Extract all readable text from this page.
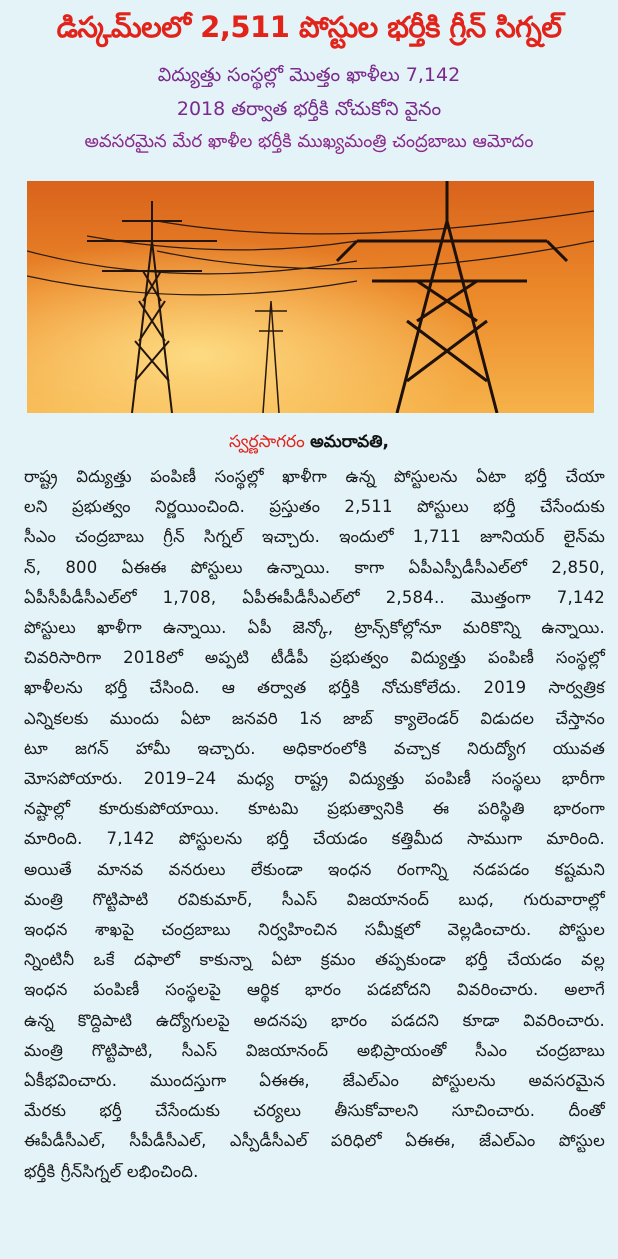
డిస్కమ్‌లలో 2,511 పోస్టుల భర్తీకి గ్రీన్ సిగ్నల్
విద్యుత్తు సంస్థల్లో మొత్తం ఖాళీలు 7,142
2018 తర్వాత భర్తీకి నోచుకోని వైనం
అవసరమైన మేర ఖాళీల భర్తీకి ముఖ్యమంత్రి చంద్రబాబు ఆమోదం
స్వర్ణసాగరం అమరావతి,
రాష్ట్ర విద్యుత్తు పంపిణీ సంస్థల్లో ఖాళీగా ఉన్న పోస్టులను ఏటా భర్తీ చేయా
లని ప్రభుత్వం నిర్ణయించింది. ప్రస్తుతం 2,511 పోస్టులు భర్తీ చేసేందుకు
సీఎం చంద్రబాబు గ్రీన్ సిగ్నల్ ఇచ్చారు. ఇందులో 1,711 జూనియర్ లైన్‌మ
న్, 800 ఏఈఈ పోస్టులు ఉన్నాయి. కాగా ఏపీఎస్పీడీసీఎల్‌లో 2,850,
ఏపీసీపీడీసీఎల్‌లో 1,708, ఏపీఈపీడీసీఎల్‌లో 2,584.. మొత్తంగా 7,142
పోస్టులు ఖాళీగా ఉన్నాయి. ఏపీ జెన్కో, ట్రాన్స్‌కోల్లోనూ మరికొన్ని ఉన్నాయి.
చివరిసారిగా 2018లో అప్పటి టీడీపీ ప్రభుత్వం విద్యుత్తు పంపిణీ సంస్థల్లో
ఖాళీలను భర్తీ చేసింది. ఆ తర్వాత భర్తీకి నోచుకోలేదు. 2019 సార్వత్రిక
ఎన్నికలకు ముందు ఏటా జనవరి 1న జాబ్ క్యాలెండర్ విడుదల చేస్తానం
టూ జగన్ హామీ ఇచ్చారు. అధికారంలోకి వచ్చాక నిరుద్యోగ యువత
మోసపోయారు. 2019–24 మధ్య రాష్ట్ర విద్యుత్తు పంపిణీ సంస్థలు భారీగా
నష్టాల్లో కూరుకుపోయాయి. కూటమి ప్రభుత్వానికి ఈ పరిస్థితి భారంగా
మారింది. 7,142 పోస్టులను భర్తీ చేయడం కత్తిమీద సాముగా మారింది.
అయితే మానవ వనరులు లేకుండా ఇంధన రంగాన్ని నడపడం కష్టమని
మంత్రి గొట్టిపాటి రవికుమార్, సీఎస్ విజయానంద్ బుధ, గురువారాల్లో
ఇంధన శాఖపై చంద్రబాబు నిర్వహించిన సమీక్షలో వెల్లడించారు. పోస్టుల
న్నింటినీ ఒకే దఫాలో కాకున్నా ఏటా క్రమం తప్పకుండా భర్తీ చేయడం వల్ల
ఇంధన పంపిణీ సంస్థలపై ఆర్థిక భారం పడబోదని వివరించారు. అలాగే
ఉన్న కొద్దిపాటి ఉద్యోగులపై అదనపు భారం పడదని కూడా వివరించారు.
మంత్రి గొట్టిపాటి, సీఎస్ విజయానంద్ అభిప్రాయంతో సీఎం చంద్రబాబు
ఏకీభవించారు. ముందస్తుగా ఏఈఈ, జేఎల్‌ఎం పోస్టులను అవసరమైన
మేరకు భర్తీ చేసేందుకు చర్యలు తీసుకోవాలని సూచించారు. దీంతో
ఈపీడీసీఎల్, సీపీడీసీఎల్, ఎస్పీడీసీఎల్ పరిధిలో ఏఈఈ, జేఎల్‌ఎం పోస్టుల
భర్తీకి గ్రీన్‌సిగ్నల్ లభించింది.
